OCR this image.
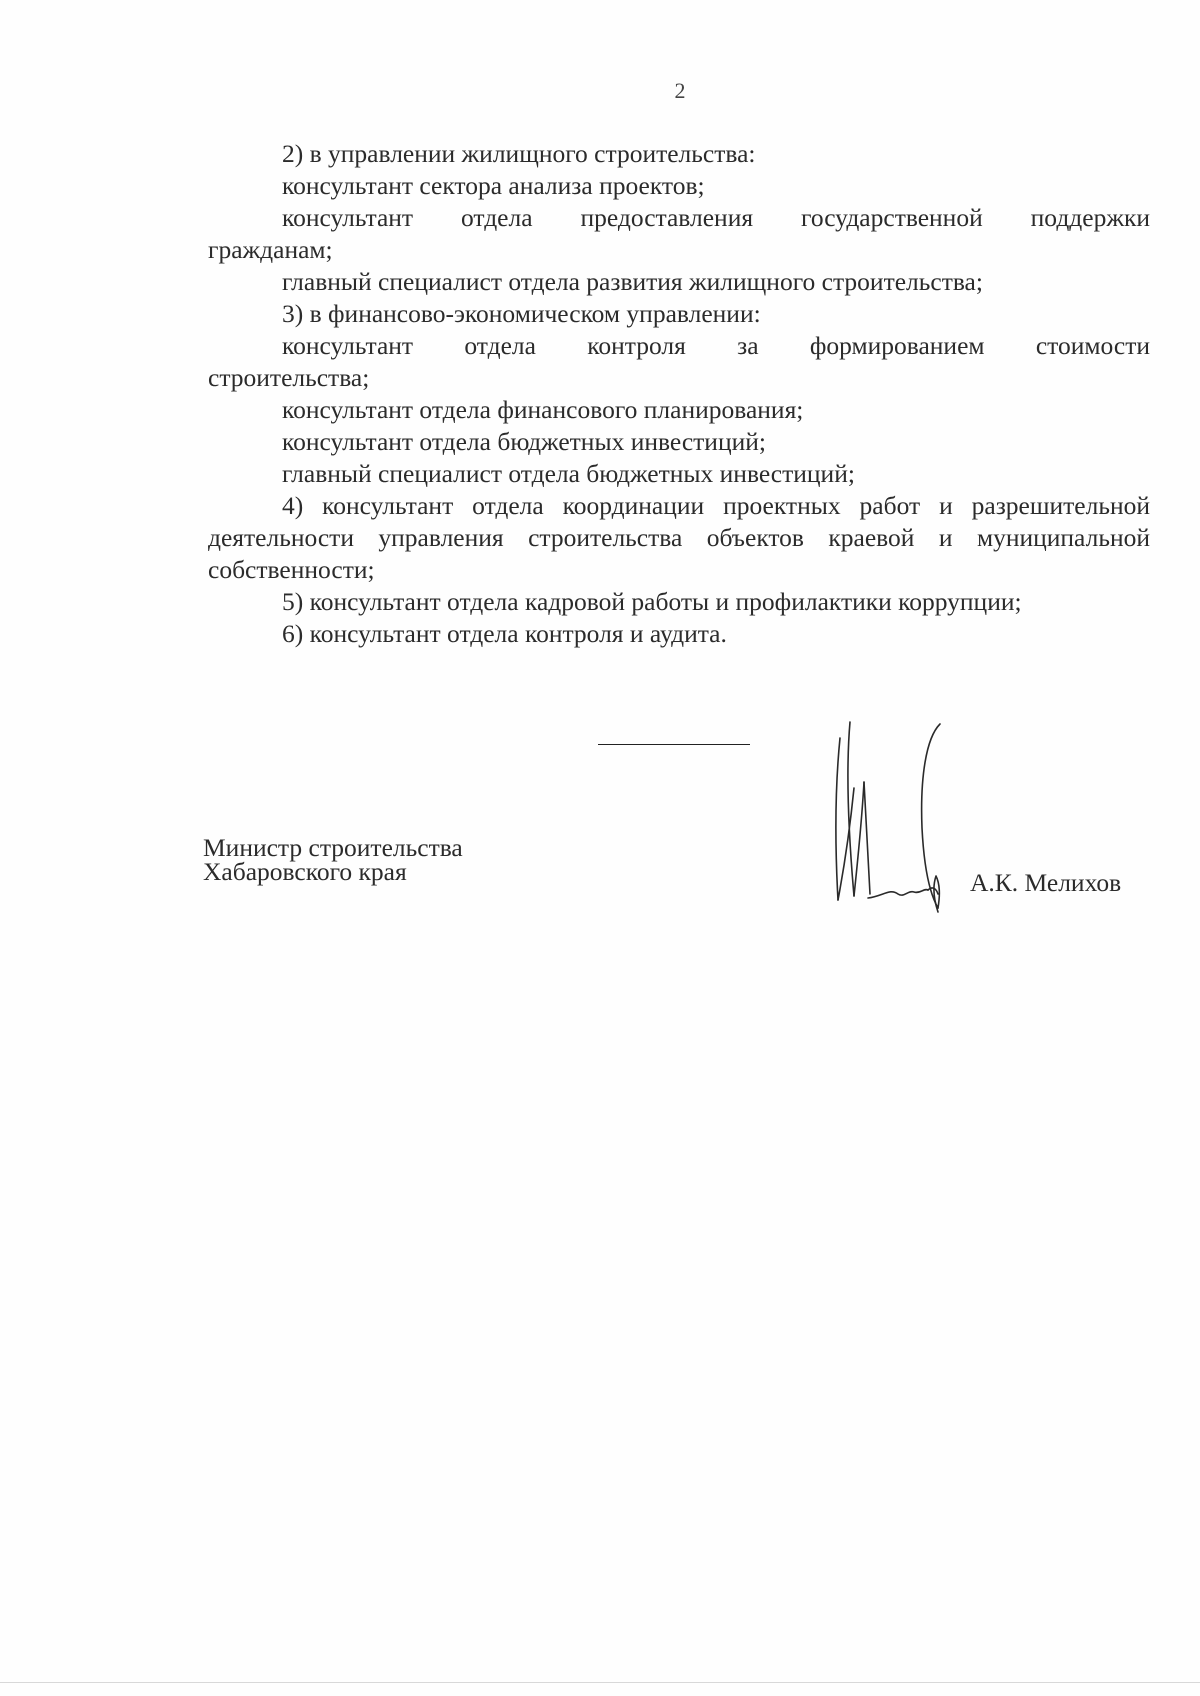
2

2) в управлении жилищного строительства:

консультант сектора анализа проектов;

консультант отдела предоставления государственной поддержки

гражданам;

главный специалист отдела развития жилищного строительства;

3) в финансово-экономическом управлении:

консультант отдела контроля за формированием стоимости

строительства;

консультант отдела финансового планирования;

консультант отдела бюджетных инвестиций;

главный специалист отдела бюджетных инвестиций;

4) консультант отдела координации проектных работ и разрешительной деятельности управления строительства объектов краевой и муниципальной собственности;

5) консультант отдела кадровой работы и профилактики коррупции;

6) консультант отдела контроля и аудита.

Министр строительства
Хабаровского края	А.К. Мелихов
